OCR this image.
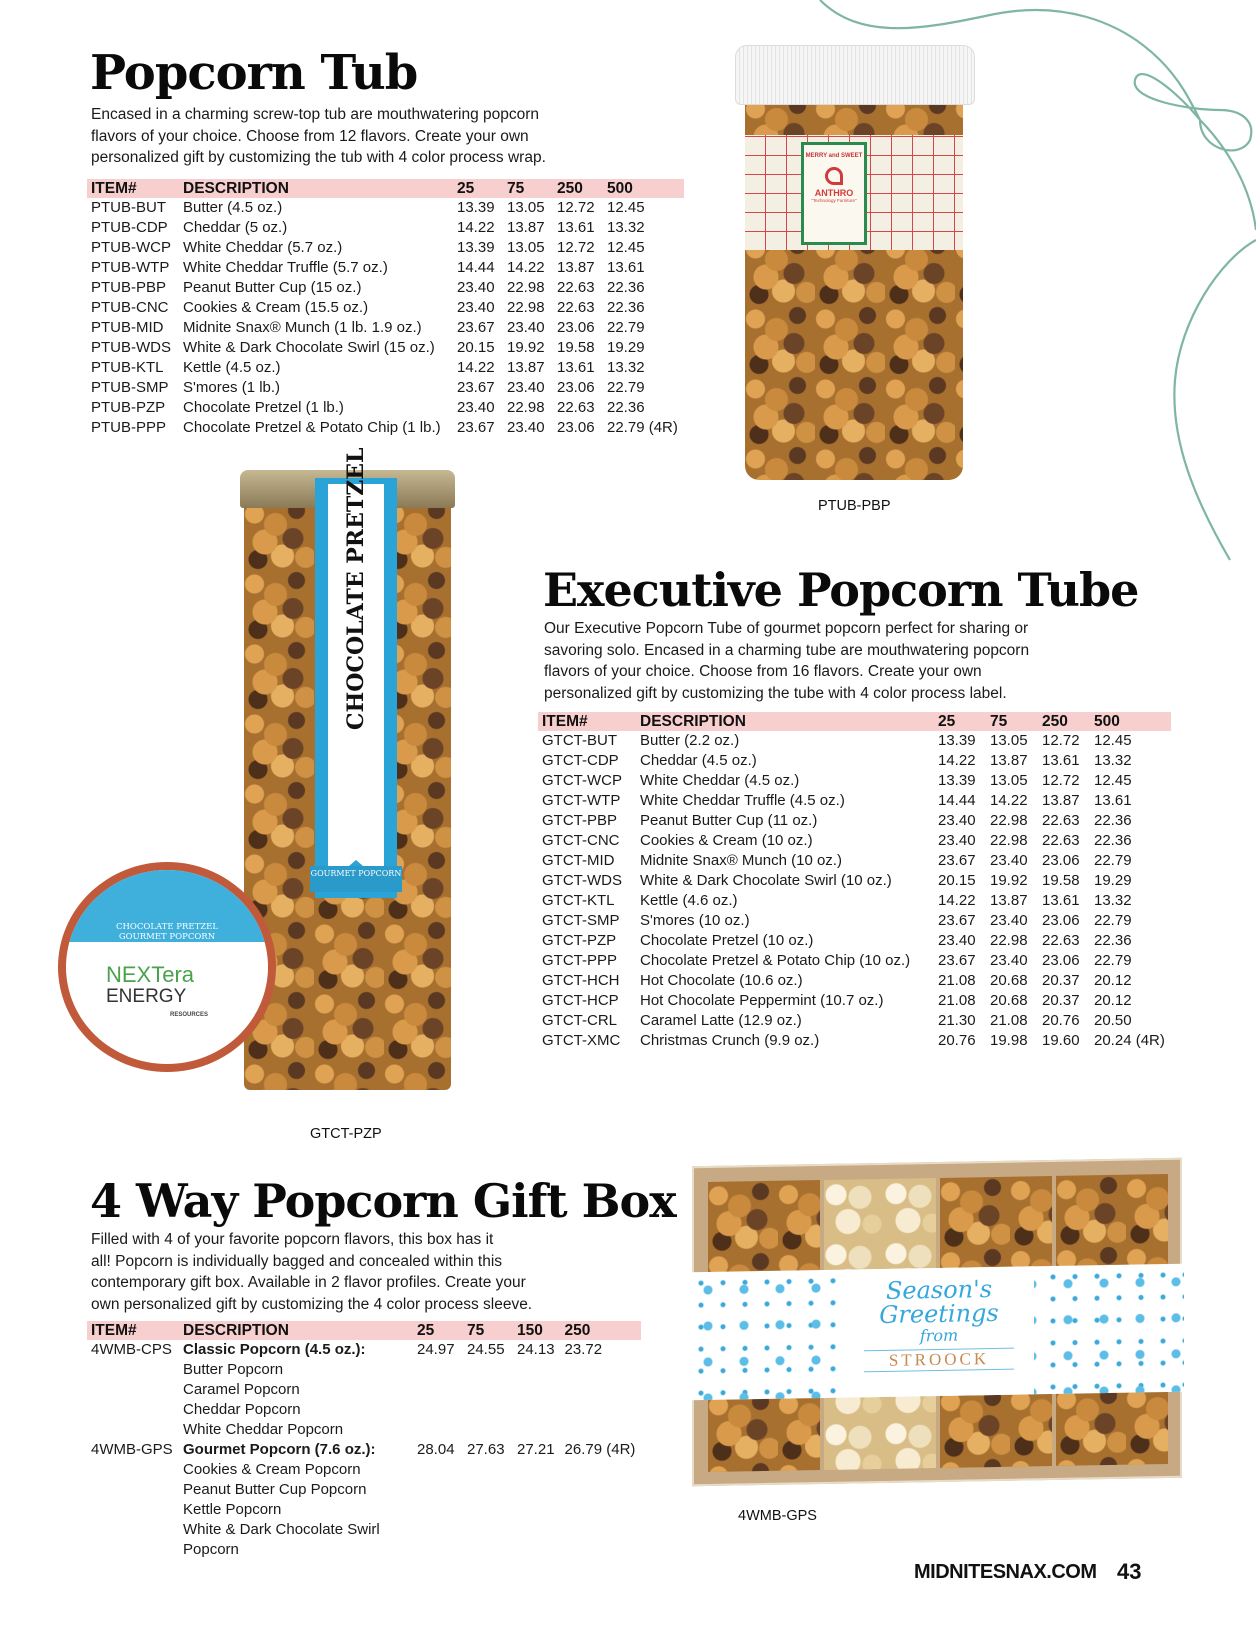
Popcorn Tub
Encased in a charming screw-top tub are mouthwatering popcorn
flavors of your choice. Choose from 12 flavors. Create your own
personalized gift by customizing the tub with 4 color process wrap.
ITEM#	DESCRIPTION	25	75	250	500
PTUB-BUT	Butter (4.5 oz.)	13.39	13.05	12.72	12.45
PTUB-CDP	Cheddar (5 oz.)	14.22	13.87	13.61	13.32
PTUB-WCP	White Cheddar (5.7 oz.)	13.39	13.05	12.72	12.45
PTUB-WTP	White Cheddar Truffle (5.7 oz.)	14.44	14.22	13.87	13.61
PTUB-PBP	Peanut Butter Cup (15 oz.)	23.40	22.98	22.63	22.36
PTUB-CNC	Cookies & Cream (15.5 oz.)	23.40	22.98	22.63	22.36
PTUB-MID	Midnite Snax® Munch (1 lb. 1.9 oz.)	23.67	23.40	23.06	22.79
PTUB-WDS	White & Dark Chocolate Swirl (15 oz.)	20.15	19.92	19.58	19.29
PTUB-KTL	Kettle (4.5 oz.)	14.22	13.87	13.61	13.32
PTUB-SMP	S'mores (1 lb.)	23.67	23.40	23.06	22.79
PTUB-PZP	Chocolate Pretzel (1 lb.)	23.40	22.98	22.63	22.36
PTUB-PPP	Chocolate Pretzel & Potato Chip (1 lb.)	23.67	23.40	23.06	22.79 (4R)
MERRY and SWEET
ANTHRO
"Technology Furniture"
PTUB-PBP
GOURMET POPCORN
CHOCOLATE PRETZEL
GOURMET POPCORN
NEXTera
ENERGY
RESOURCES
GTCT-PZP
Executive Popcorn Tube
Our Executive Popcorn Tube of gourmet popcorn perfect for sharing or
savoring solo. Encased in a charming tube are mouthwatering popcorn
flavors of your choice. Choose from 16 flavors. Create your own
personalized gift by customizing the tube with 4 color process label.
ITEM#	DESCRIPTION	25	75	250	500
GTCT-BUT	Butter (2.2 oz.)	13.39	13.05	12.72	12.45
GTCT-CDP	Cheddar (4.5 oz.)	14.22	13.87	13.61	13.32
GTCT-WCP	White Cheddar (4.5 oz.)	13.39	13.05	12.72	12.45
GTCT-WTP	White Cheddar Truffle (4.5 oz.)	14.44	14.22	13.87	13.61
GTCT-PBP	Peanut Butter Cup (11 oz.)	23.40	22.98	22.63	22.36
GTCT-CNC	Cookies & Cream (10 oz.)	23.40	22.98	22.63	22.36
GTCT-MID	Midnite Snax® Munch (10 oz.)	23.67	23.40	23.06	22.79
GTCT-WDS	White & Dark Chocolate Swirl (10 oz.)	20.15	19.92	19.58	19.29
GTCT-KTL	Kettle (4.6 oz.)	14.22	13.87	13.61	13.32
GTCT-SMP	S'mores (10 oz.)	23.67	23.40	23.06	22.79
GTCT-PZP	Chocolate Pretzel (10 oz.)	23.40	22.98	22.63	22.36
GTCT-PPP	Chocolate Pretzel & Potato Chip (10 oz.)	23.67	23.40	23.06	22.79
GTCT-HCH	Hot Chocolate (10.6 oz.)	21.08	20.68	20.37	20.12
GTCT-HCP	Hot Chocolate Peppermint (10.7 oz.)	21.08	20.68	20.37	20.12
GTCT-CRL	Caramel Latte (12.9 oz.)	21.30	21.08	20.76	20.50
GTCT-XMC	Christmas Crunch (9.9 oz.)	20.76	19.98	19.60	20.24 (4R)
4 Way Popcorn Gift Box
Filled with 4 of your favorite popcorn flavors, this box has it
all! Popcorn is individually bagged and concealed within this
contemporary gift box. Available in 2 flavor profiles. Create your
own personalized gift by customizing the 4 color process sleeve.
ITEM#	DESCRIPTION	25	75	150	250
4WMB-CPS	Classic Popcorn (4.5 oz.):	24.97	24.55	24.13	23.72
	Butter Popcorn				
	Caramel Popcorn				
	Cheddar Popcorn				
	White Cheddar Popcorn				
4WMB-GPS	Gourmet Popcorn (7.6 oz.):	28.04	27.63	27.21	26.79 (4R)
	Cookies & Cream Popcorn				
	Peanut Butter Cup Popcorn				
	Kettle Popcorn				
	White & Dark Chocolate Swirl				
	Popcorn				
Season's
Greetings
from
STROOCK
4WMB-GPS
MIDNITESNAX.COM 43
